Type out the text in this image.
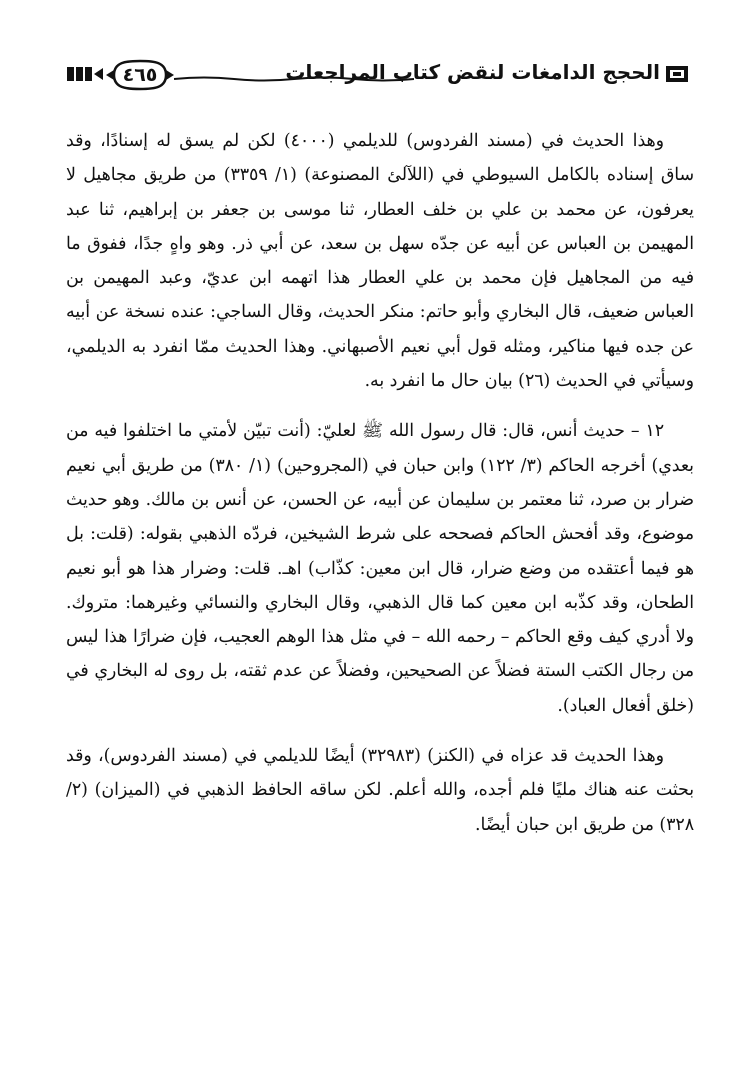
٤٦٥	الحجج الدامغات لنقض كتاب المراجعات

وهذا الحديث في (مسند الفردوس) للديلمي (٤٠٠٠) لكن لم يسق له إسنادًا، وقد ساق إسناده بالكامل السيوطي في (اللآلئ المصنوعة) (١/ ٣٣٥٩) من طريق مجاهيل لا يعرفون، عن محمد بن علي بن خلف العطار، ثنا موسى بن جعفر بن إبراهيم، ثنا عبد المهيمن بن العباس عن أبيه عن جدّه سهل بن سعد، عن أبي ذر. وهو واهٍ جدًا، ففوق ما فيه من المجاهيل فإن محمد بن علي العطار هذا اتهمه ابن عديّ، وعبد المهيمن بن العباس ضعيف، قال البخاري وأبو حاتم: منكر الحديث، وقال الساجي: عنده نسخة عن أبيه عن جده فيها مناكير، ومثله قول أبي نعيم الأصبهاني. وهذا الحديث ممّا انفرد به الديلمي، وسيأتي في الحديث (٢٦) بيان حال ما انفرد به.

١٢ – حديث أنس، قال: قال رسول الله ﷺ لعليّ: (أنت تبيّن لأمتي ما اختلفوا فيه من بعدي) أخرجه الحاكم (٣/ ١٢٢) وابن حبان في (المجروحين) (١/ ٣٨٠) من طريق أبي نعيم ضرار بن صرد، ثنا معتمر بن سليمان عن أبيه، عن الحسن، عن أنس بن مالك. وهو حديث موضوع، وقد أفحش الحاكم فصححه على شرط الشيخين، فردّه الذهبي بقوله: (قلت: بل هو فيما أعتقده من وضع ضرار، قال ابن معين: كذّاب) اهـ. قلت: وضرار هذا هو أبو نعيم الطحان، وقد كذّبه ابن معين كما قال الذهبي، وقال البخاري والنسائي وغيرهما: متروك. ولا أدري كيف وقع الحاكم – رحمه الله – في مثل هذا الوهم العجيب، فإن ضرارًا هذا ليس من رجال الكتب الستة فضلاً عن الصحيحين، وفضلاً عن عدم ثقته، بل روى له البخاري في (خلق أفعال العباد).

وهذا الحديث قد عزاه في (الكنز) (٣٢٩٨٣) أيضًا للديلمي في (مسند الفردوس)، وقد بحثت عنه هناك مليًا فلم أجده، والله أعلم. لكن ساقه الحافظ الذهبي في (الميزان) (٢/ ٣٢٨) من طريق ابن حبان أيضًا.
